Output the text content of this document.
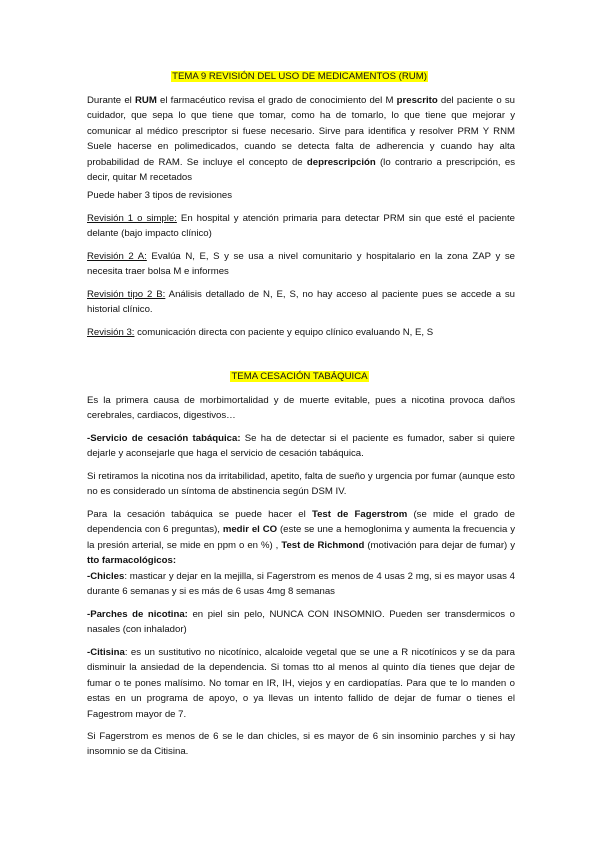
TEMA 9 REVISIÓN DEL USO DE MEDICAMENTOS (RUM)
Durante el RUM el farmacéutico revisa el grado de conocimiento del M prescrito del paciente o su cuidador, que sepa lo que tiene que tomar, como ha de tomarlo, lo que tiene que mejorar y comunicar al médico prescriptor si fuese necesario. Sirve para identifica y resolver PRM Y RNM Suele hacerse en polimedicados, cuando se detecta falta de adherencia y cuando hay alta probabilidad de RAM. Se incluye el concepto de deprescripción (lo contrario a prescripción, es decir, quitar M recetados
Puede haber 3 tipos de revisiones
Revisión 1 o simple: En hospital y atención primaria para detectar PRM sin que esté el paciente delante (bajo impacto clínico)
Revisión 2 A: Evalúa N, E, S y se usa a nivel comunitario y hospitalario en la zona ZAP y se necesita traer bolsa M e informes
Revisión tipo 2 B: Análisis detallado de N, E, S, no hay acceso al paciente pues se accede a su historial clínico.
Revisión 3: comunicación directa con paciente y equipo clínico evaluando N, E, S
TEMA CESACIÓN TABÁQUICA
Es la primera causa de morbimortalidad y de muerte evitable, pues a nicotina provoca daños cerebrales, cardiacos, digestivos…
-Servicio de cesación tabáquica: Se ha de detectar si el paciente es fumador, saber si quiere dejarle y aconsejarle que haga el servicio de cesación tabáquica.
Si retiramos la nicotina nos da irritabilidad, apetito, falta de sueño y urgencia por fumar (aunque esto no es considerado un síntoma de abstinencia según DSM IV.
Para la cesación tabáquica se puede hacer el Test de Fagerstrom (se mide el grado de dependencia con 6 preguntas), medir el CO (este se une a hemoglonima y aumenta la frecuencia y la presión arterial, se mide en ppm o en %) , Test de Richmond (motivación para dejar de fumar) y tto farmacológicos:
-Chicles: masticar y dejar en la mejilla, si Fagerstrom es menos de 4 usas 2 mg, si es mayor usas 4 durante 6 semanas y si es más de 6 usas 4mg 8 semanas
-Parches de nicotina: en piel sin pelo, NUNCA CON INSOMNIO. Pueden ser transdermicos o nasales (con inhalador)
-Citisina: es un sustitutivo no nicotínico, alcaloide vegetal que se une a R nicotínicos y se da para disminuir la ansiedad de la dependencia. Si tomas tto al menos al quinto día tienes que dejar de fumar o te pones malísimo. No tomar en IR, IH, viejos y en cardiopatías. Para que te lo manden o estas en un programa de apoyo, o ya llevas un intento fallido de dejar de fumar o tienes el Fagestrom mayor de 7.
Si Fagerstrom es menos de 6 se le dan chicles, si es mayor de 6 sin insominio parches y si hay insomnio se da Citisina.
